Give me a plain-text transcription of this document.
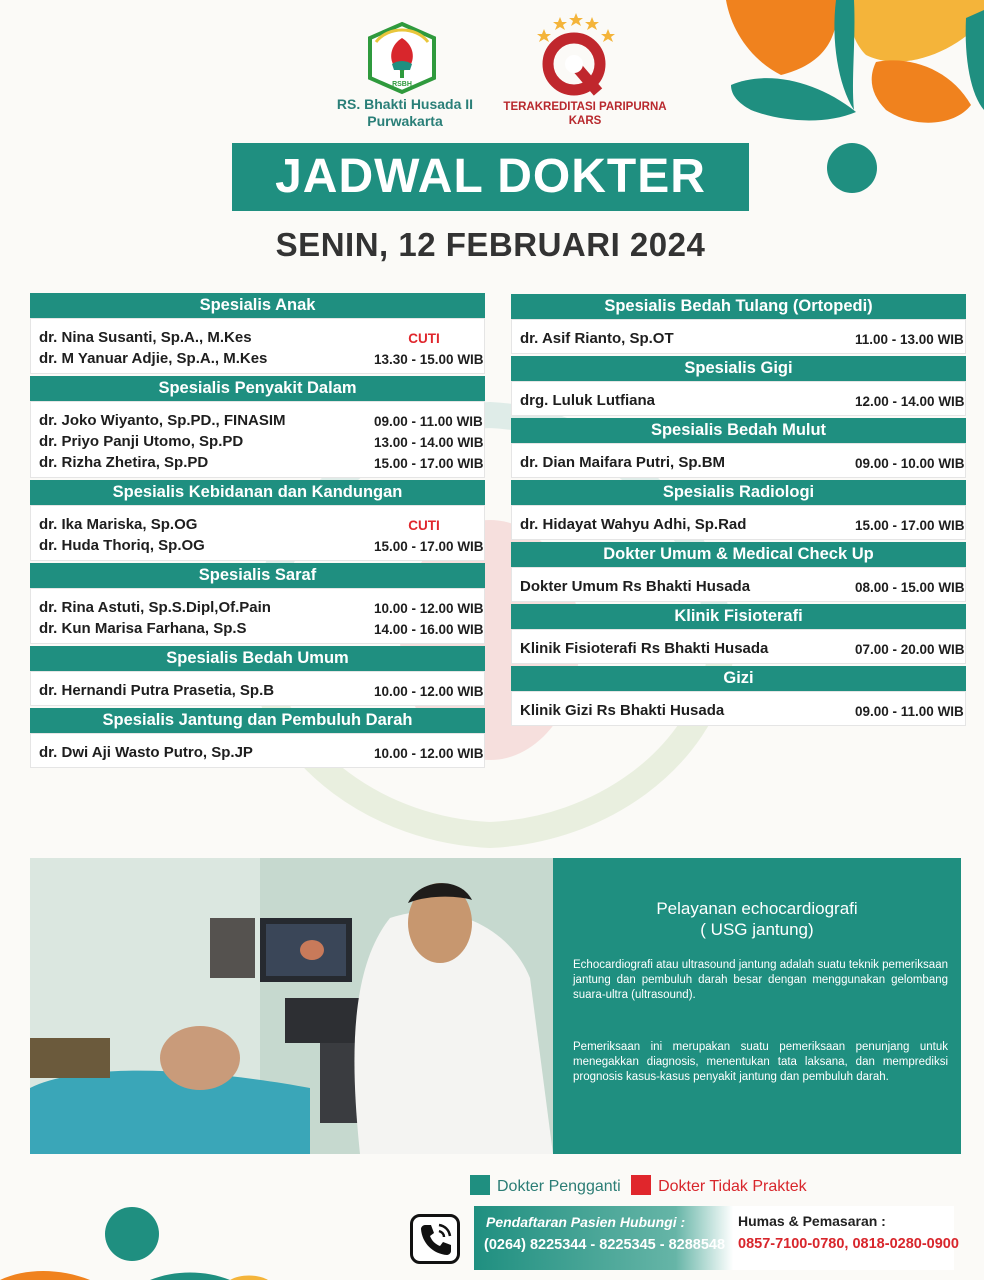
RSBH
RS. Bhakti Husada II
Purwakarta
TERAKREDITASI PARIPURNA
KARS
JADWAL DOKTER
SENIN, 12 FEBRUARI 2024
Spesialis Anak
dr. Nina Susanti, Sp.A., M.Kes	CUTI
dr. M Yanuar Adjie, Sp.A., M.Kes	13.30 - 15.00 WIB
Spesialis Penyakit Dalam
dr. Joko Wiyanto, Sp.PD., FINASIM	09.00 - 11.00 WIB
dr. Priyo Panji Utomo, Sp.PD	13.00 - 14.00 WIB
dr. Rizha Zhetira, Sp.PD	15.00 - 17.00 WIB
Spesialis Kebidanan dan Kandungan
dr. Ika Mariska, Sp.OG	CUTI
dr. Huda Thoriq, Sp.OG	15.00 - 17.00 WIB
Spesialis Saraf
dr. Rina Astuti, Sp.S.Dipl,Of.Pain	10.00 - 12.00 WIB
dr. Kun Marisa Farhana, Sp.S	14.00 - 16.00 WIB
Spesialis Bedah Umum
dr. Hernandi Putra Prasetia, Sp.B	10.00 - 12.00 WIB
Spesialis Jantung dan Pembuluh Darah
dr. Dwi Aji Wasto Putro, Sp.JP	10.00 - 12.00 WIB
Spesialis Bedah Tulang (Ortopedi)
dr. Asif Rianto, Sp.OT	11.00 - 13.00 WIB
Spesialis Gigi
drg. Luluk Lutfiana	12.00 - 14.00 WIB
Spesialis Bedah Mulut
dr. Dian Maifara Putri, Sp.BM	09.00 - 10.00 WIB
Spesialis Radiologi
dr. Hidayat Wahyu Adhi, Sp.Rad	15.00 - 17.00 WIB
Dokter Umum & Medical Check Up
Dokter Umum Rs Bhakti Husada	08.00 - 15.00 WIB
Klinik Fisioterafi
Klinik Fisioterafi Rs Bhakti Husada	07.00 - 20.00 WIB
Gizi
Klinik Gizi Rs Bhakti Husada	09.00 - 11.00 WIB
Pelayanan echocardiografi
( USG jantung)

Echocardiografi atau ultrasound jantung adalah suatu teknik pemeriksaan jantung dan pembuluh darah besar dengan menggunakan gelombang suara-ultra (ultrasound).

Pemeriksaan ini merupakan suatu pemeriksaan penunjang untuk menegakkan diagnosis, menentukan tata laksana, dan memprediksi prognosis kasus-kasus penyakit jantung dan pembuluh darah.

Dokter Pengganti Dokter Tidak Praktek
Pendaftaran Pasien Hubungi :
(0264) 8225344 - 8225345 - 8288548
Humas & Pemasaran :
0857-7100-0780, 0818-0280-0900
